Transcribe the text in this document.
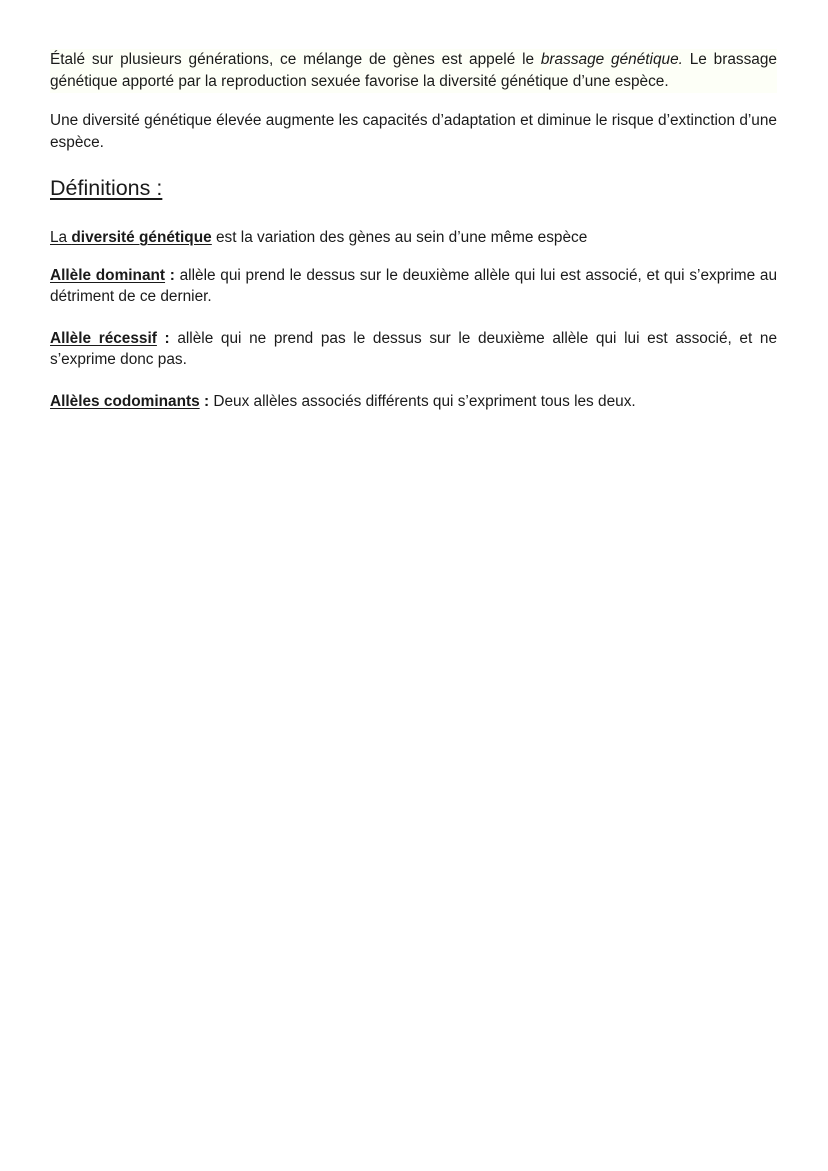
Étalé sur plusieurs générations, ce mélange de gènes est appelé le brassage génétique. Le brassage génétique apporté par la reproduction sexuée favorise la diversité génétique d’une espèce.

Une diversité génétique élevée augmente les capacités d’adaptation et diminue le risque d’extinction d’une espèce.

Définitions :

La diversité génétique est la variation des gènes au sein d’une même espèce

Allèle dominant : allèle qui prend le dessus sur le deuxième allèle qui lui est associé, et qui s’exprime au détriment de ce dernier.

Allèle récessif : allèle qui ne prend pas le dessus sur le deuxième allèle qui lui est associé, et ne s’exprime donc pas.

Allèles codominants : Deux allèles associés différents qui s’expriment tous les deux.
